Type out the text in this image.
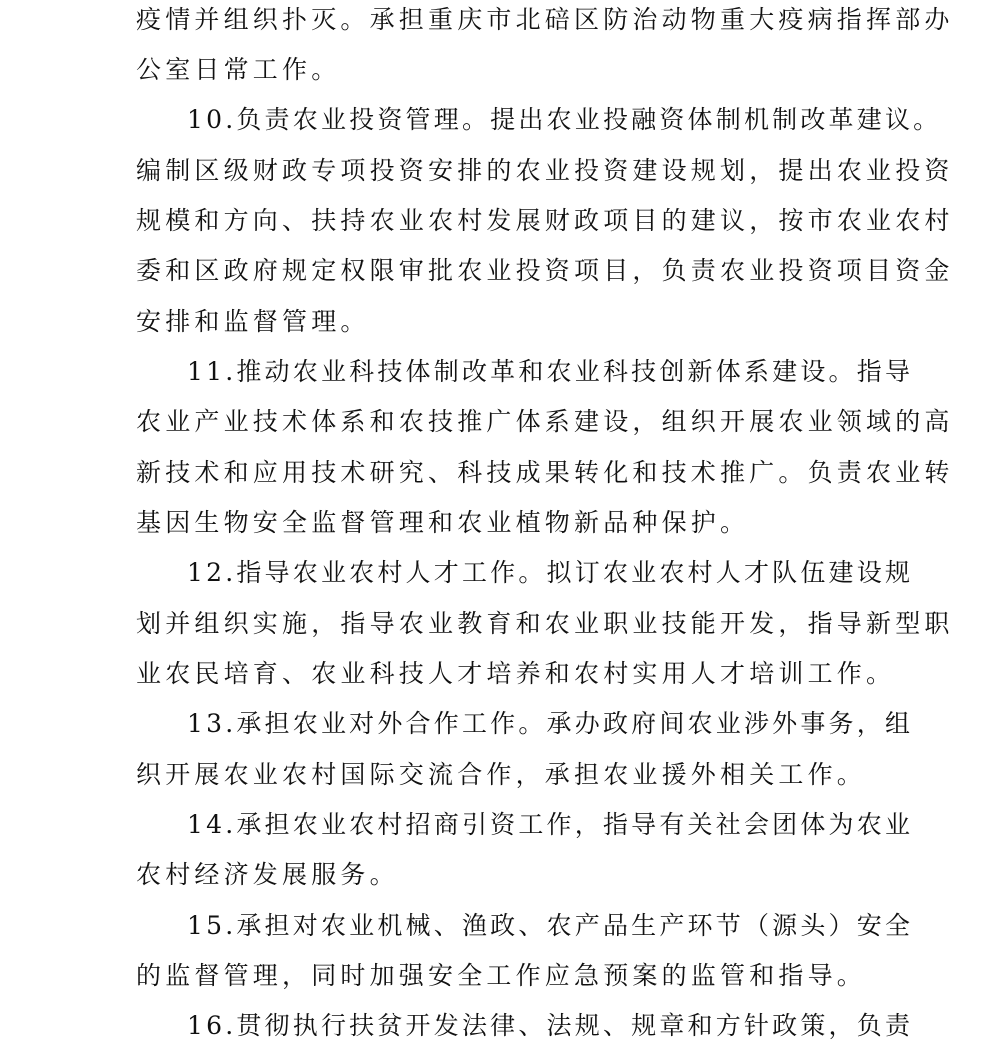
疫情并组织扑灭。承担重庆市北碚区防治动物重大疫病指挥部办
公室日常工作。
10.负责农业投资管理。提出农业投融资体制机制改革建议。
编制区级财政专项投资安排的农业投资建设规划，提出农业投资
规模和方向、扶持农业农村发展财政项目的建议，按市农业农村
委和区政府规定权限审批农业投资项目，负责农业投资项目资金
安排和监督管理。
11.推动农业科技体制改革和农业科技创新体系建设。指导
农业产业技术体系和农技推广体系建设，组织开展农业领域的高
新技术和应用技术研究、科技成果转化和技术推广。负责农业转
基因生物安全监督管理和农业植物新品种保护。
12.指导农业农村人才工作。拟订农业农村人才队伍建设规
划并组织实施，指导农业教育和农业职业技能开发，指导新型职
业农民培育、农业科技人才培养和农村实用人才培训工作。
13.承担农业对外合作工作。承办政府间农业涉外事务，组
织开展农业农村国际交流合作，承担农业援外相关工作。
14.承担农业农村招商引资工作，指导有关社会团体为农业
农村经济发展服务。
15.承担对农业机械、渔政、农产品生产环节（源头）安全
的监督管理，同时加强安全工作应急预案的监管和指导。
16.贯彻执行扶贫开发法律、法规、规章和方针政策，负责
